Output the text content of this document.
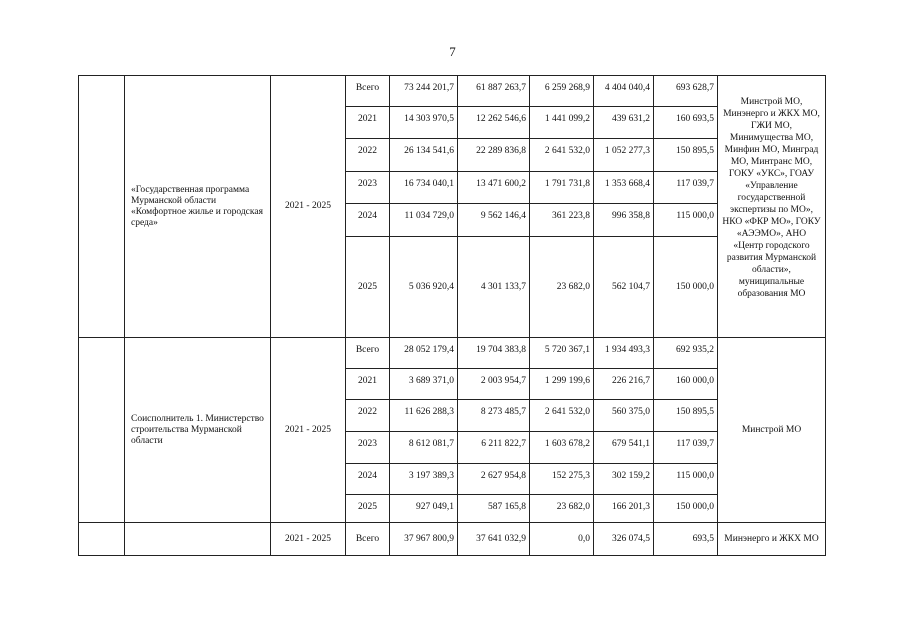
7
	«Государственная программа Мурманской области «Комфортное жилье и городская среда»	2021 - 2025	Всего	73 244 201,7	61 887 263,7	6 259 268,9	4 404 040,4	693 628,7	Минстрой МО, Минэнерго и ЖКХ МО, ГЖИ МО, Минимущества МО, Минфин МО, Минград МО, Минтранс МО, ГОКУ «УКС», ГОАУ «Управление государственной экспертизы по МО», НКО «ФКР МО», ГОКУ «АЭЭМО», АНО «Центр городского развития Мурманской области», муниципальные образования МО
			2021	14 303 970,5	12 262 546,6	1 441 099,2	439 631,2	160 693,5	
			2022	26 134 541,6	22 289 836,8	2 641 532,0	1 052 277,3	150 895,5	
			2023	16 734 040,1	13 471 600,2	1 791 731,8	1 353 668,4	117 039,7	
			2024	11 034 729,0	9 562 146,4	361 223,8	996 358,8	115 000,0	
			2025	5 036 920,4	4 301 133,7	23 682,0	562 104,7	150 000,0	
	Соисполнитель 1. Министерство строительства Мурманской области	2021 - 2025	Всего	28 052 179,4	19 704 383,8	5 720 367,1	1 934 493,3	692 935,2	Минстрой МО
			2021	3 689 371,0	2 003 954,7	1 299 199,6	226 216,7	160 000,0	
			2022	11 626 288,3	8 273 485,7	2 641 532,0	560 375,0	150 895,5	
			2023	8 612 081,7	6 211 822,7	1 603 678,2	679 541,1	117 039,7	
			2024	3 197 389,3	2 627 954,8	152 275,3	302 159,2	115 000,0	
			2025	927 049,1	587 165,8	23 682,0	166 201,3	150 000,0	
		2021 - 2025	Всего	37 967 800,9	37 641 032,9	0,0	326 074,5	693,5	Минэнерго и ЖКХ МО
